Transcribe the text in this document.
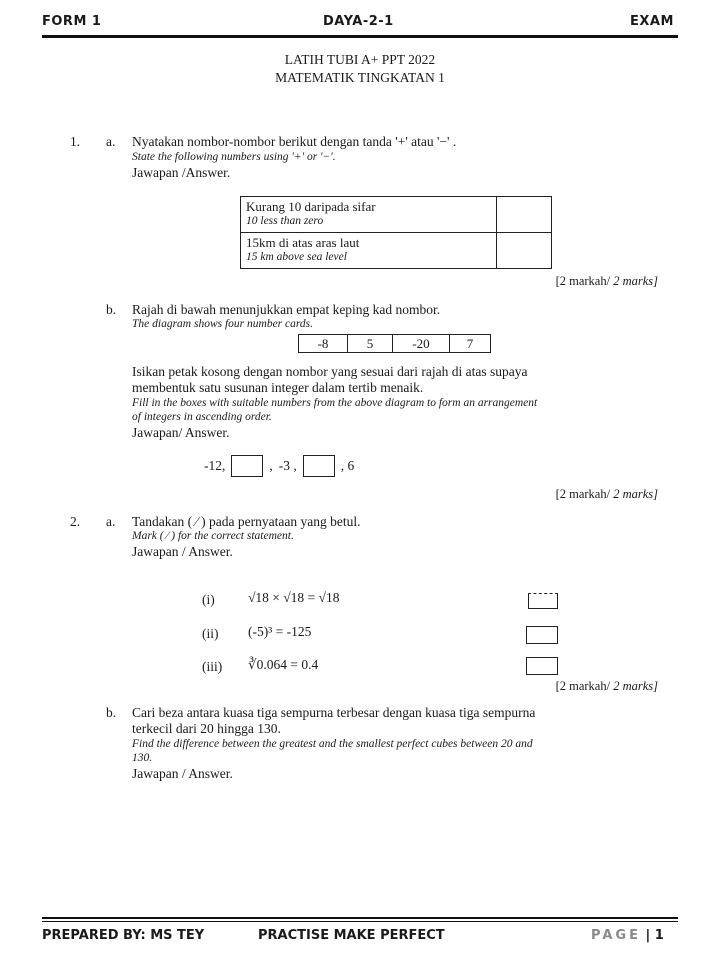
FORM 1	DAYA-2-1	EXAM
LATIH TUBI A+ PPT 2022
MATEMATIK TINGKATAN 1
1. a. Nyatakan nombor-nombor berikut dengan tanda '+' atau '−' .
State the following numbers using '+' or '−'.
Jawapan /Answer.
Kurang 10 daripada sifar
10 less than zero	

15km di atas aras laut
15 km above sea level	

[2 markah/ 2 marks]
b. Rajah di bawah menunjukkan empat keping kad nombor.
The diagram shows four number cards.
-8	5	-20	7
Isikan petak kosong dengan nombor yang sesuai dari rajah di atas supaya
membentuk satu susunan integer dalam tertib menaik.
Fill in the boxes with suitable numbers from the above diagram to form an arrangement
of integers in ascending order.
Jawapan/ Answer.
-12,	, -3 ,	, 6
[2 markah/ 2 marks]
2. a. Tandakan ( ⁄ ) pada pernyataan yang betul.
Mark ( ⁄ ) for the correct statement.
Jawapan / Answer.
(i) √18 × √18 = √18
(ii) (-5)³ = -125
(iii) ∛0.064 = 0.4
[2 markah/ 2 marks]
b. Cari beza antara kuasa tiga sempurna terbesar dengan kuasa tiga sempurna
terkecil dari 20 hingga 130.
Find the difference between the greatest and the smallest perfect cubes between 20 and
130.
Jawapan / Answer.
PREPARED BY: MS TEY	PRACTISE MAKE PERFECT	PAGE | 1
